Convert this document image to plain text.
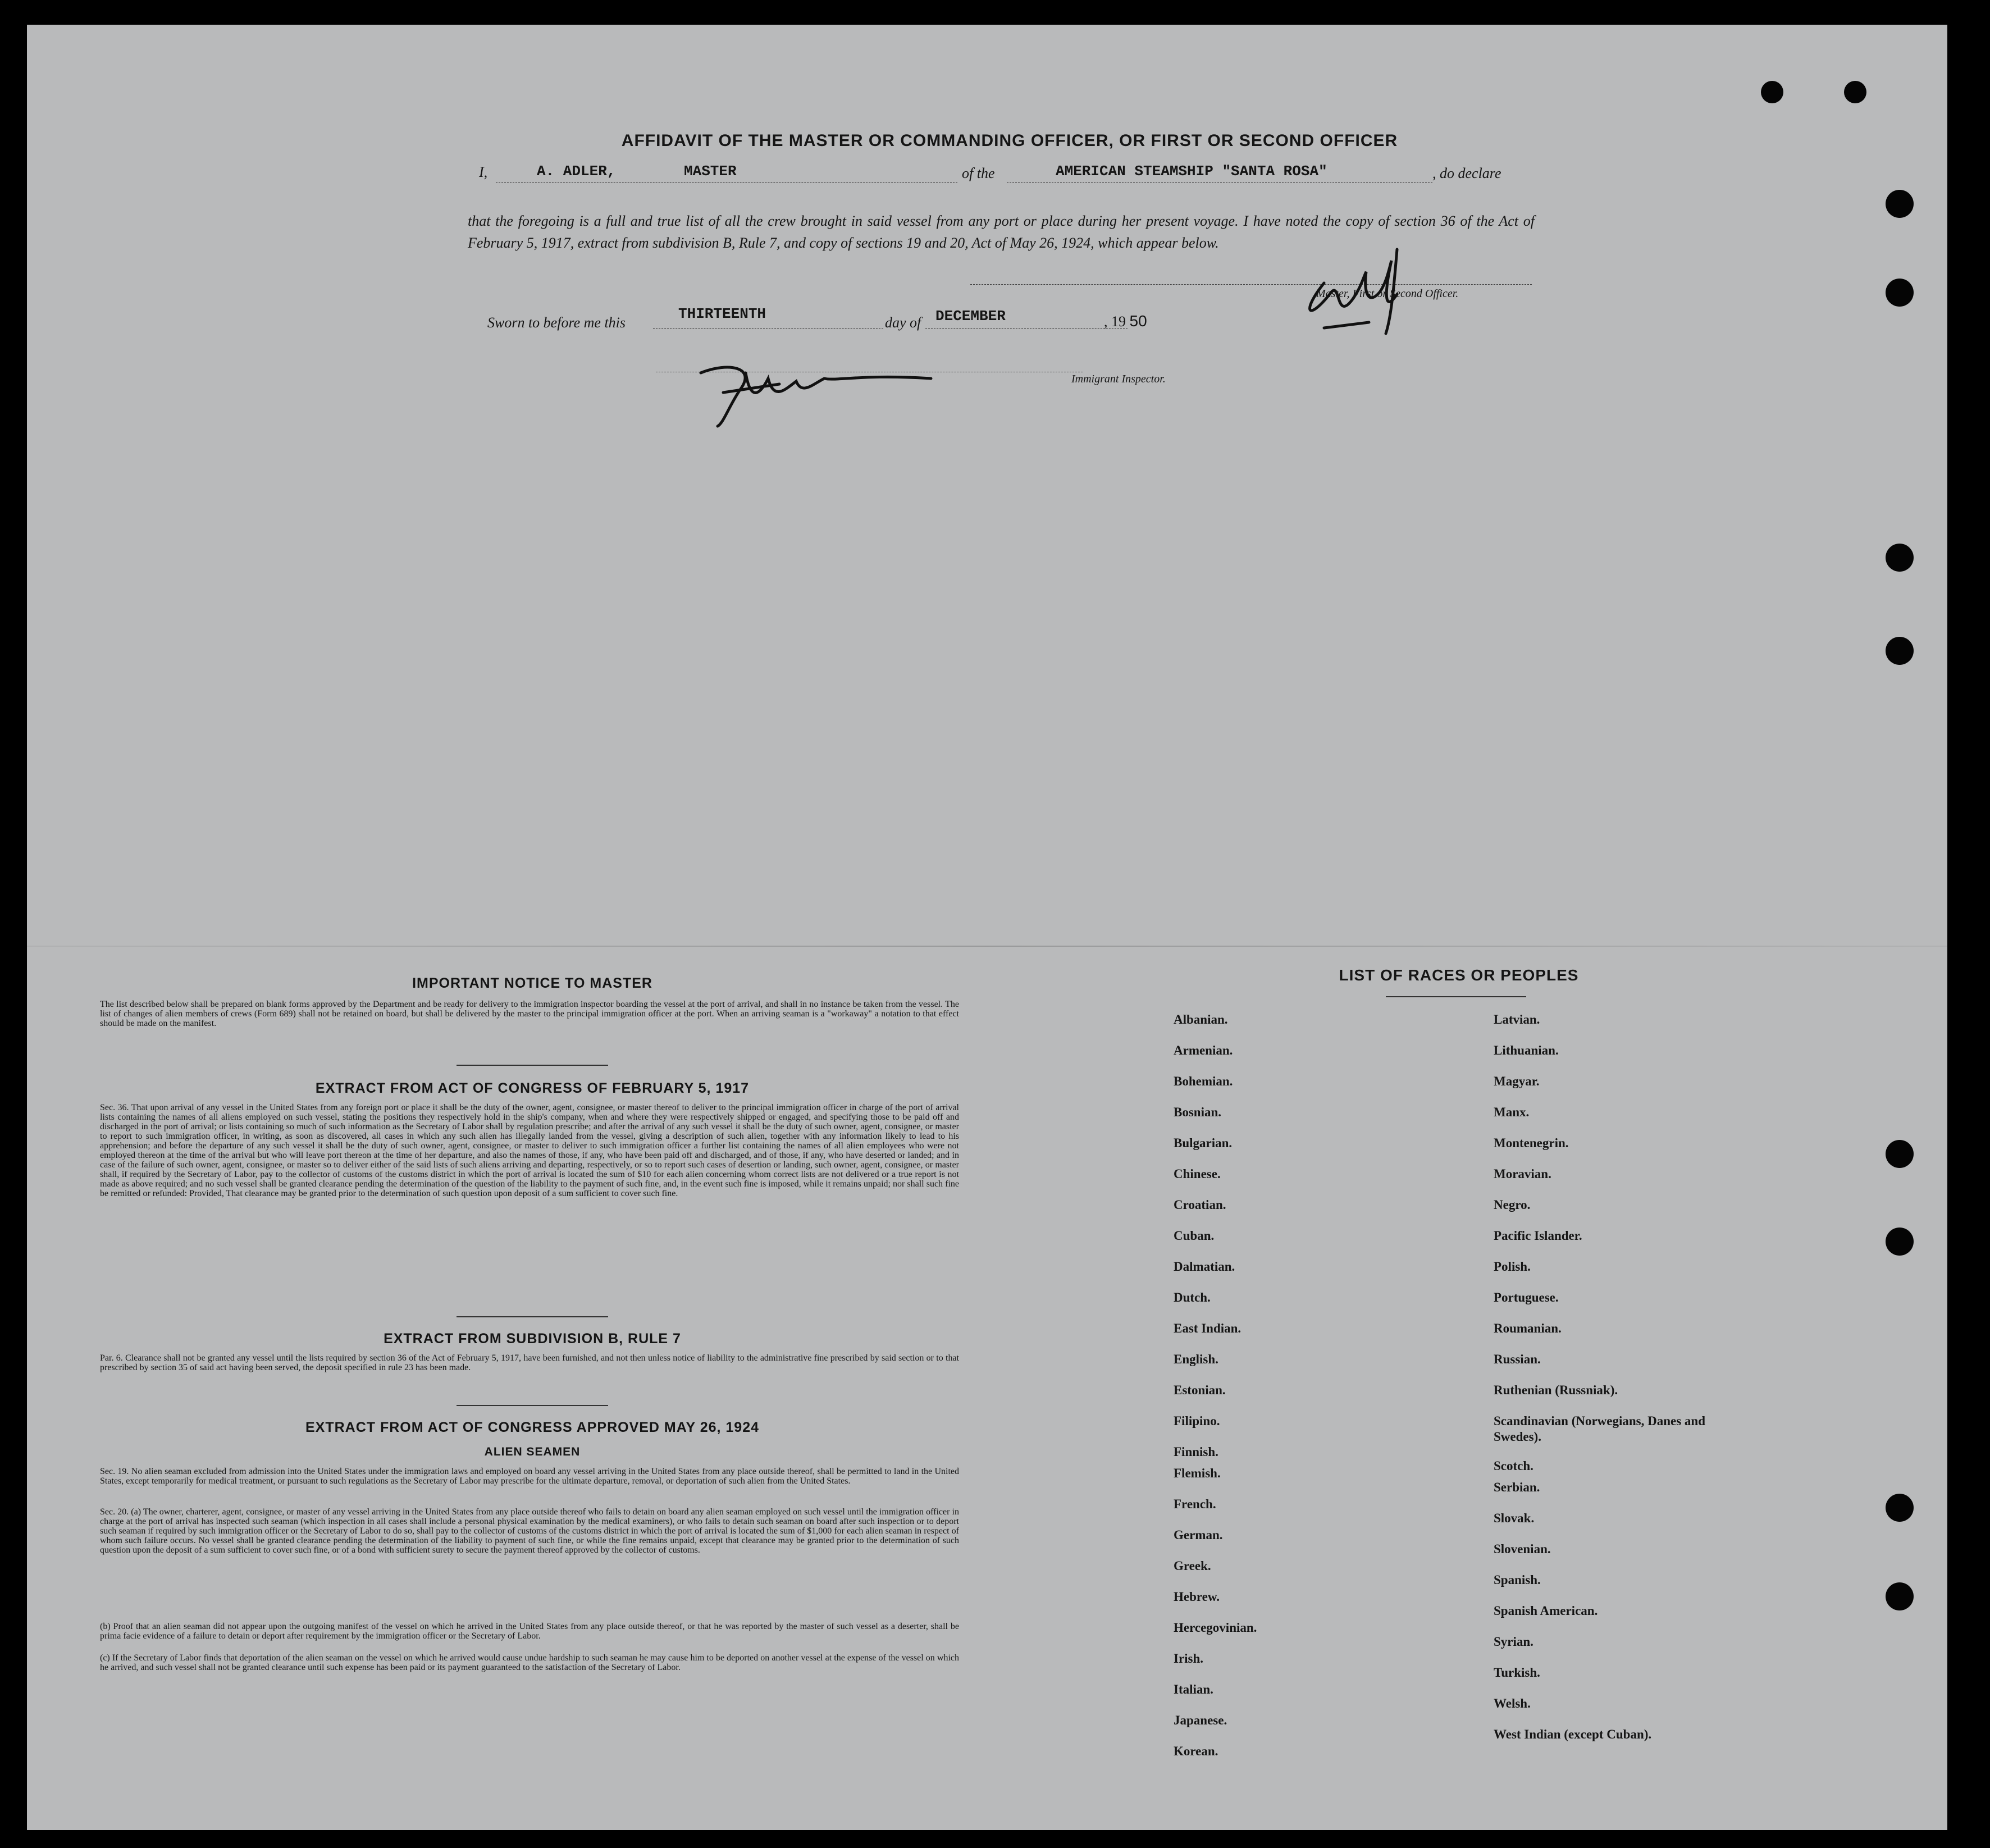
AFFIDAVIT OF THE MASTER OR COMMANDING OFFICER, OR FIRST OR SECOND OFFICER
I,	A. ADLER,	MASTER	of the	AMERICAN STEAMSHIP "SANTA ROSA"	, do declare

that the foregoing is a full and true list of all the crew brought in said vessel from any port or place during her present voyage. I have noted the copy of section 36 of the Act of February 5, 1917, extract from subdivision B, Rule 7, and copy of sections 19 and 20, Act of May 26, 1924, which appear below.

Master, First or Second Officer.
Sworn to before me this
THIRTEENTH
day of DECEMBER	, 19 50
Immigrant Inspector.
IMPORTANT NOTICE TO MASTER

The list described below shall be prepared on blank forms approved by the Department and be ready for delivery to the immigration inspector boarding the vessel at the port of arrival, and shall in no instance be taken from the vessel. The list of changes of alien members of crews (Form 689) shall not be retained on board, but shall be delivered by the master to the principal immigration officer at the port. When an arriving seaman is a "workaway" a notation to that effect should be made on the manifest.

EXTRACT FROM ACT OF CONGRESS OF FEBRUARY 5, 1917

Sec. 36. That upon arrival of any vessel in the United States from any foreign port or place it shall be the duty of the owner, agent, consignee, or master thereof to deliver to the principal immigration officer in charge of the port of arrival lists containing the names of all aliens employed on such vessel, stating the positions they respectively hold in the ship's company, when and where they were respectively shipped or engaged, and specifying those to be paid off and discharged in the port of arrival; or lists containing so much of such information as the Secretary of Labor shall by regulation prescribe; and after the arrival of any such vessel it shall be the duty of such owner, agent, consignee, or master to report to such immigration officer, in writing, as soon as discovered, all cases in which any such alien has illegally landed from the vessel, giving a description of such alien, together with any information likely to lead to his apprehension; and before the departure of any such vessel it shall be the duty of such owner, agent, consignee, or master to deliver to such immigration officer a further list containing the names of all alien employees who were not employed thereon at the time of the arrival but who will leave port thereon at the time of her departure, and also the names of those, if any, who have been paid off and discharged, and of those, if any, who have deserted or landed; and in case of the failure of such owner, agent, consignee, or master so to deliver either of the said lists of such aliens arriving and departing, respectively, or so to report such cases of desertion or landing, such owner, agent, consignee, or master shall, if required by the Secretary of Labor, pay to the collector of customs of the customs district in which the port of arrival is located the sum of $10 for each alien concerning whom correct lists are not delivered or a true report is not made as above required; and no such vessel shall be granted clearance pending the determination of the question of the liability to the payment of such fine, and, in the event such fine is imposed, while it remains unpaid; nor shall such fine be remitted or refunded: Provided, That clearance may be granted prior to the determination of such question upon deposit of a sum sufficient to cover such fine.

EXTRACT FROM SUBDIVISION B, RULE 7

Par. 6. Clearance shall not be granted any vessel until the lists required by section 36 of the Act of February 5, 1917, have been furnished, and not then unless notice of liability to the administrative fine prescribed by said section or to that prescribed by section 35 of said act having been served, the deposit specified in rule 23 has been made.

EXTRACT FROM ACT OF CONGRESS APPROVED MAY 26, 1924
ALIEN SEAMEN

Sec. 19. No alien seaman excluded from admission into the United States under the immigration laws and employed on board any vessel arriving in the United States from any place outside thereof, shall be permitted to land in the United States, except temporarily for medical treatment, or pursuant to such regulations as the Secretary of Labor may prescribe for the ultimate departure, removal, or deportation of such alien from the United States.

Sec. 20. (a) The owner, charterer, agent, consignee, or master of any vessel arriving in the United States from any place outside thereof who fails to detain on board any alien seaman employed on such vessel until the immigration officer in charge at the port of arrival has inspected such seaman (which inspection in all cases shall include a personal physical examination by the medical examiners), or who fails to detain such seaman on board after such inspection or to deport such seaman if required by such immigration officer or the Secretary of Labor to do so, shall pay to the collector of customs of the customs district in which the port of arrival is located the sum of $1,000 for each alien seaman in respect of whom such failure occurs. No vessel shall be granted clearance pending the determination of the liability to payment of such fine, or while the fine remains unpaid, except that clearance may be granted prior to the determination of such question upon the deposit of a sum sufficient to cover such fine, or of a bond with sufficient surety to secure the payment thereof approved by the collector of customs.

(b) Proof that an alien seaman did not appear upon the outgoing manifest of the vessel on which he arrived in the United States from any place outside thereof, or that he was reported by the master of such vessel as a deserter, shall be prima facie evidence of a failure to detain or deport after requirement by the immigration officer or the Secretary of Labor.

(c) If the Secretary of Labor finds that deportation of the alien seaman on the vessel on which he arrived would cause undue hardship to such seaman he may cause him to be deported on another vessel at the expense of the vessel on which he arrived, and such vessel shall not be granted clearance until such expense has been paid or its payment guaranteed to the satisfaction of the Secretary of Labor.

LIST OF RACES OR PEOPLES
Albanian.
Armenian.
Bohemian.
Bosnian.
Bulgarian.
Chinese.
Croatian.
Cuban.
Dalmatian.
Dutch.
East Indian.
English.
Estonian.
Filipino.
Finnish.
Flemish.
French.
German.
Greek.
Hebrew.
Hercegovinian.
Irish.
Italian.
Japanese.
Korean.
Latvian.
Lithuanian.
Magyar.
Manx.
Montenegrin.
Moravian.
Negro.
Pacific Islander.
Polish.
Portuguese.
Roumanian.
Russian.
Ruthenian (Russniak).
Scandinavian (Norwegians, Danes and Swedes).
Scotch.
Serbian.
Slovak.
Slovenian.
Spanish.
Spanish American.
Syrian.
Turkish.
Welsh.
West Indian (except Cuban).
